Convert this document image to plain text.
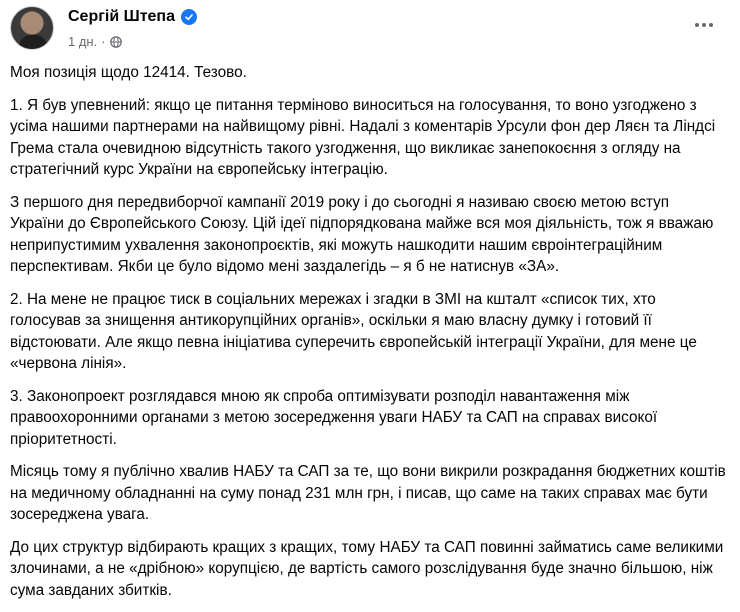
Сергій Штепа
1 дн. ·

Моя позиція щодо 12414. Тезово.

1. Я був упевнений: якщо це питання терміново виноситься на голосування, то воно узгоджено з усіма нашими партнерами на найвищому рівні. Надалі з коментарів Урсули фон дер Ляєн та Ліндсі Грема стала очевидною відсутність такого узгодження, що викликає занепокоєння з огляду на стратегічний курс України на європейську інтеграцію.

З першого дня передвиборчої кампанії 2019 року і до сьогодні я називаю своєю метою вступ України до Європейського Союзу. Цій ідеї підпорядкована майже вся моя діяльність, тож я вважаю неприпустимим ухвалення законопроєктів, які можуть нашкодити нашим євроінтеграційним перспективам. Якби це було відомо мені заздалегідь – я б не натиснув «ЗА».

2. На мене не працює тиск в соціальних мережах і згадки в ЗМІ на кшталт «список тих, хто голосував за знищення антикорупційних органів», оскільки я маю власну думку і готовий її відстоювати. Але якщо певна ініціатива суперечить європейській інтеграції України, для мене це «червона лінія».

3. Законопроект розглядався мною як спроба оптимізувати розподіл навантаження між правоохоронними органами з метою зосередження уваги НАБУ та САП на справах високої пріоритетності.

Місяць тому я публічно хвалив НАБУ та САП за те, що вони викрили розкрадання бюджетних коштів на медичному обладнанні на суму понад 231 млн грн, і писав, що саме на таких справах має бути зосереджена увага.

До цих структур відбирають кращих з кращих, тому НАБУ та САП повинні займатись саме великими злочинами, а не «дрібною» корупцією, де вартість самого розслідування буде значно більшою, ніж сума завданих збитків.
